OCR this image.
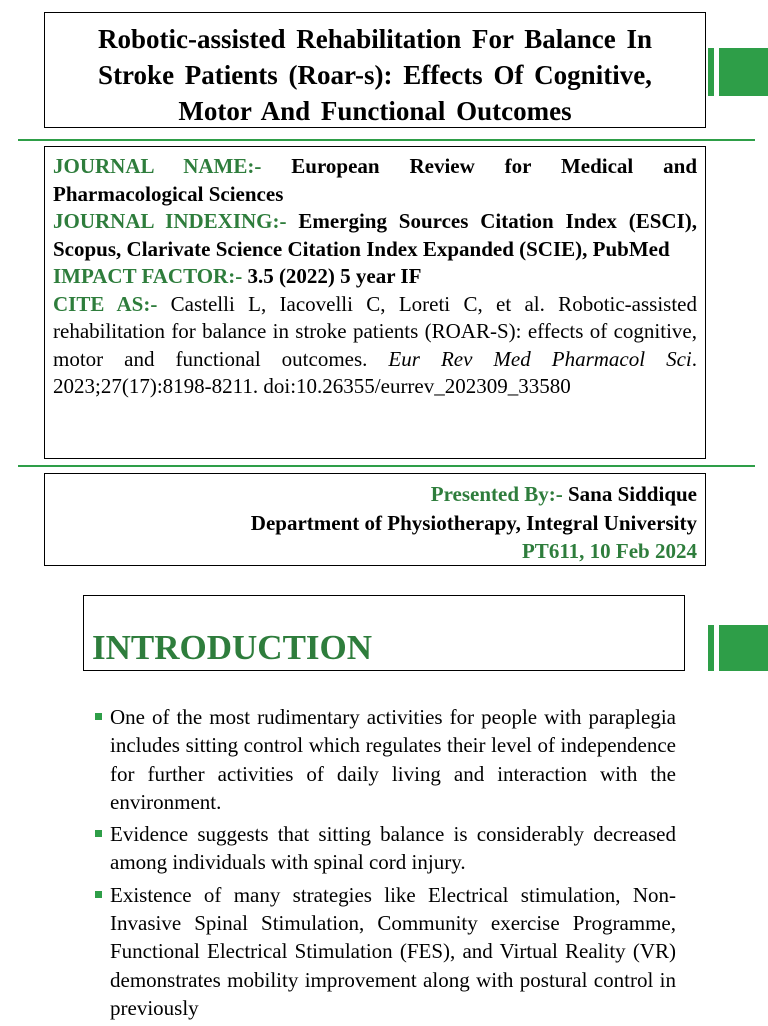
Robotic-assisted Rehabilitation For Balance In Stroke Patients (Roar-s): Effects Of Cognitive, Motor And Functional Outcomes
JOURNAL NAME:- European Review for Medical and Pharmacological Sciences
JOURNAL INDEXING:- Emerging Sources Citation Index (ESCI), Scopus, Clarivate Science Citation Index Expanded (SCIE), PubMed
IMPACT FACTOR:- 3.5 (2022) 5 year IF
CITE AS:- Castelli L, Iacovelli C, Loreti C, et al. Robotic-assisted rehabilitation for balance in stroke patients (ROAR-S): effects of cognitive, motor and functional outcomes. Eur Rev Med Pharmacol Sci. 2023;27(17):8198-8211. doi:10.26355/eurrev_202309_33580
Presented By:- Sana Siddique
Department of Physiotherapy, Integral University
PT611, 10 Feb 2024
INTRODUCTION
One of the most rudimentary activities for people with paraplegia includes sitting control which regulates their level of independence for further activities of daily living and interaction with the environment.
Evidence suggests that sitting balance is considerably decreased among individuals with spinal cord injury.
Existence of many strategies like Electrical stimulation, Non-Invasive Spinal Stimulation, Community exercise Programme, Functional Electrical Stimulation (FES), and Virtual Reality (VR) demonstrates mobility improvement along with postural control in previously
